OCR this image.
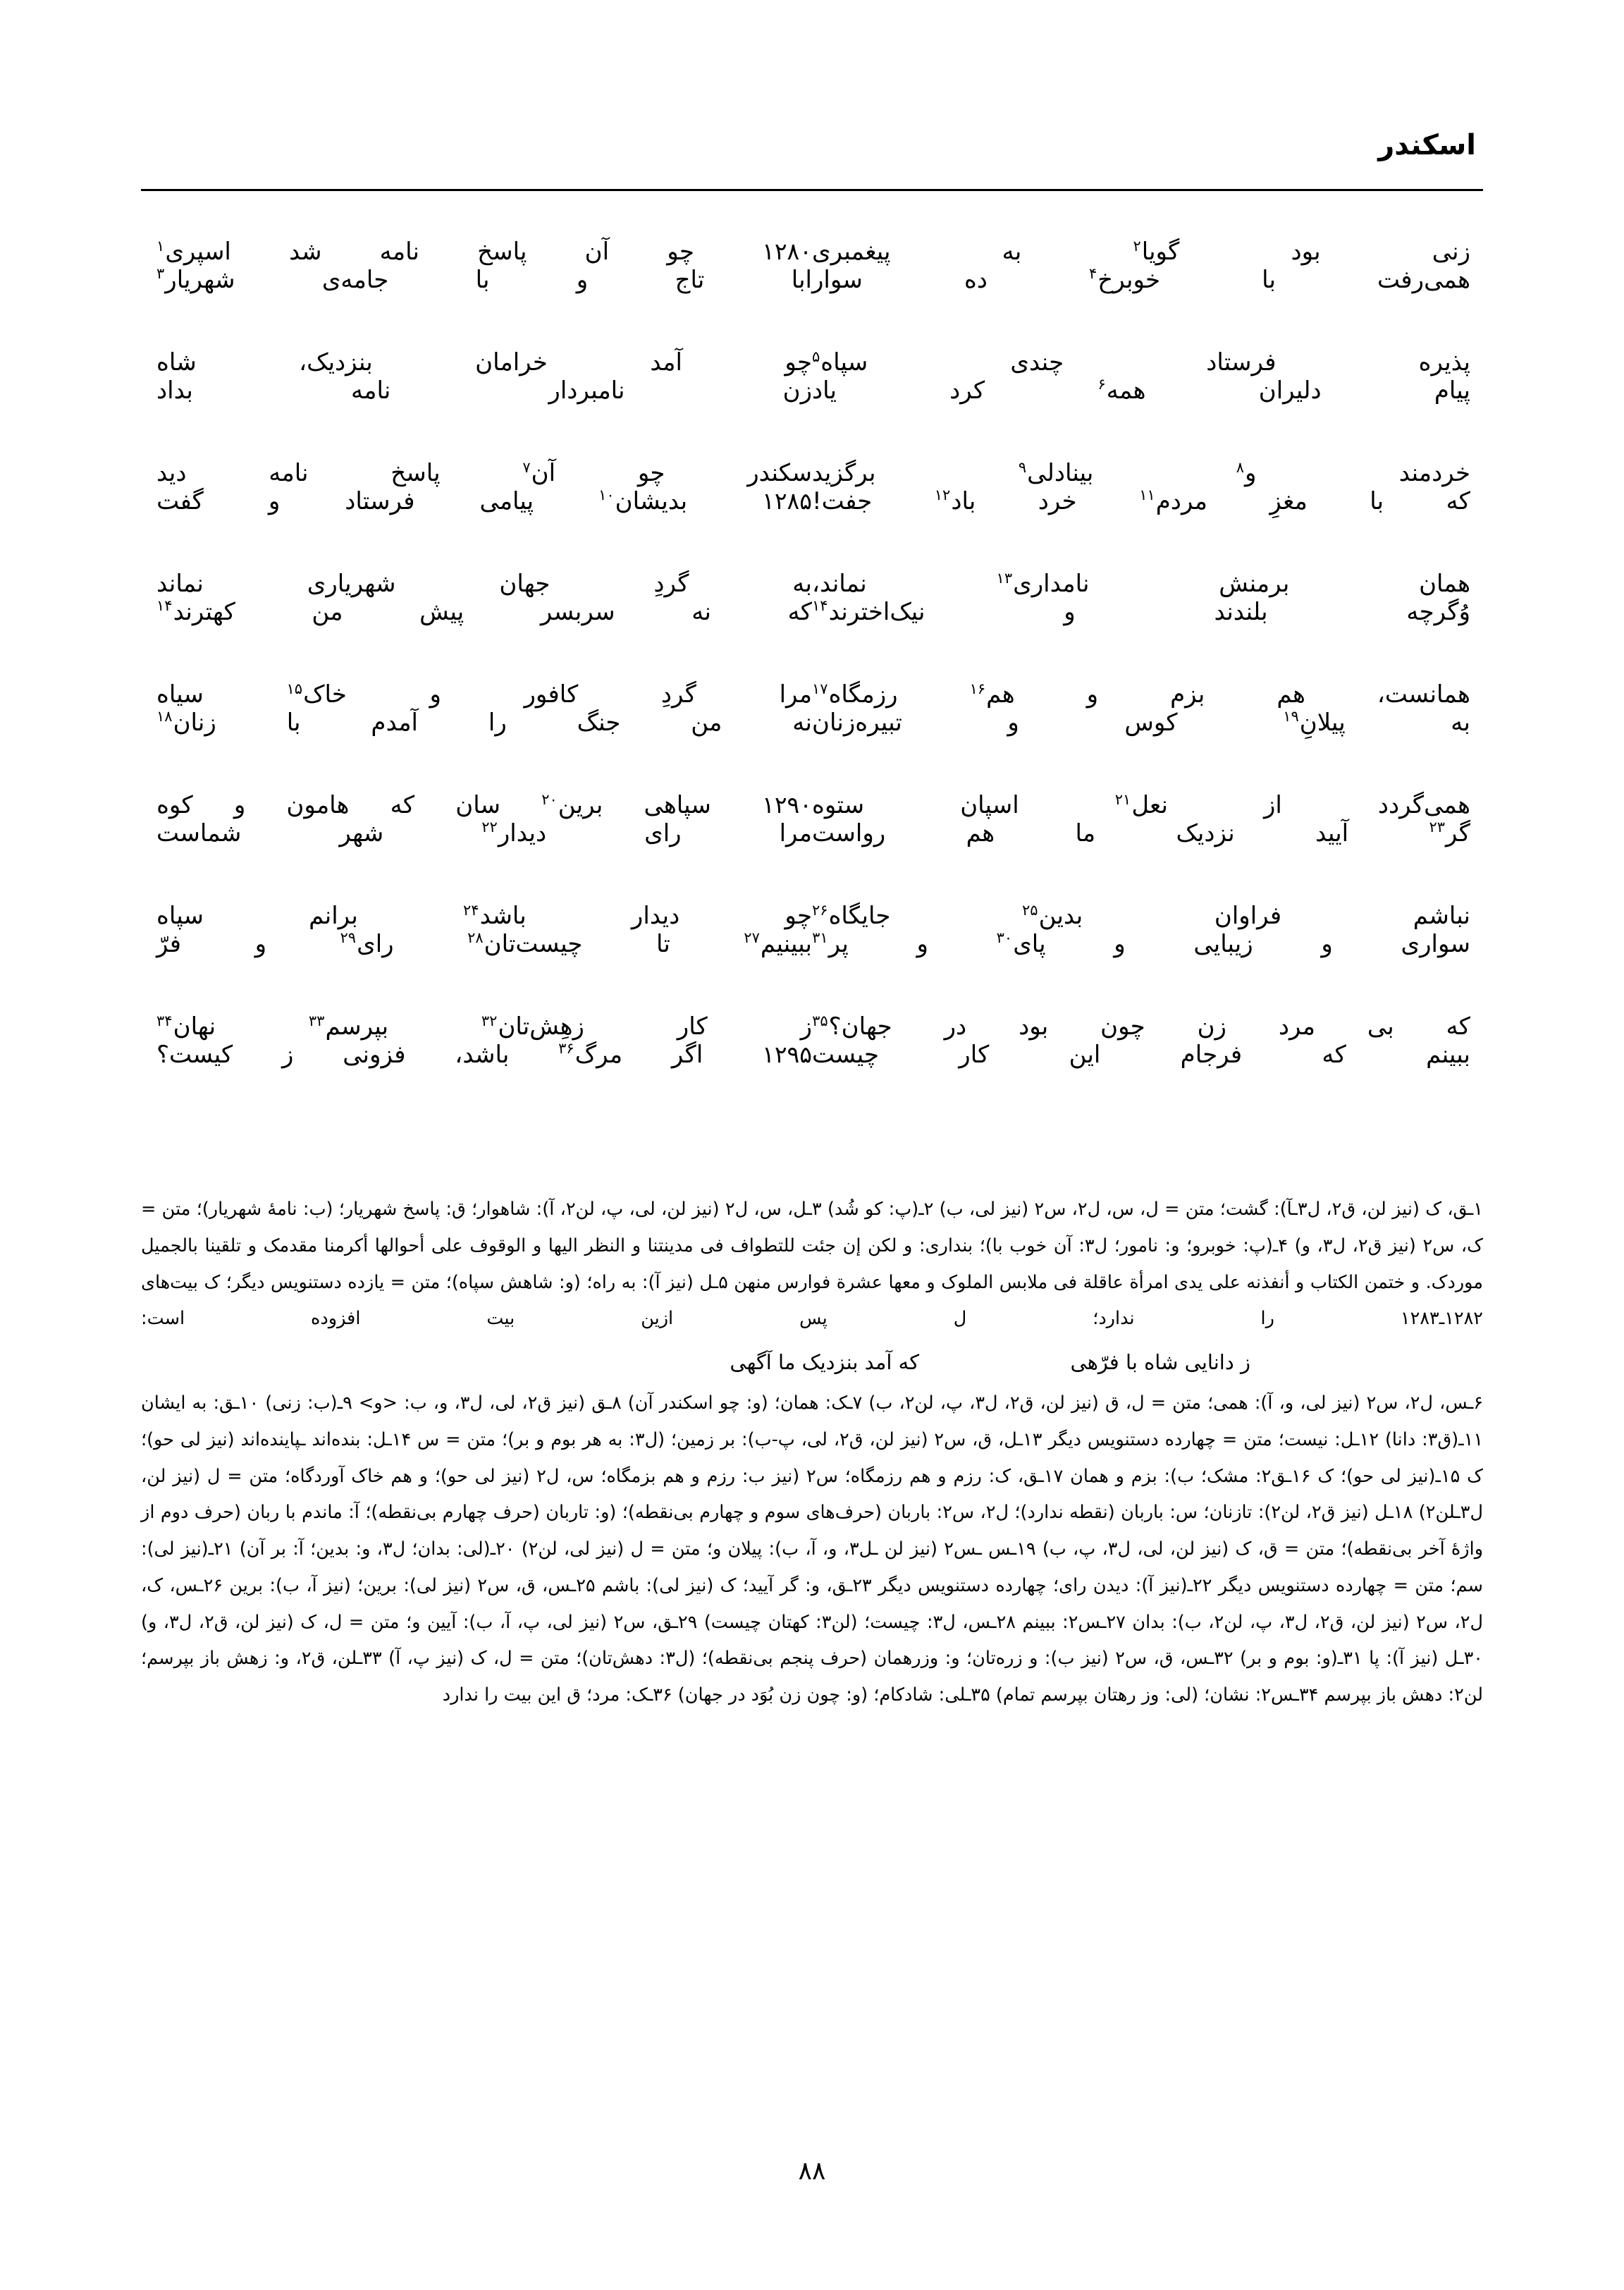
اسکندر
زنی
بود
گویا$^۲$
به
پیغمبری
همی‌رفت
با
خوبرخ$^۴$
ده
سوار
پذیره
فرستاد
چندی
سپاه$^۵$
پیام
دلیران
همه$^۶$
کرد
یاد
خردمند
و$^۸$
بینادلی$^۹$
برگزید
که
با
مغزِ
مردم$^{۱۱}$
خرد
باد$^{۱۲}$
جفت!
همان
برمنش
نامداری$^{۱۳}$
نماند،
وُگرچه
بلندند
و
نیک‌اخترند$^{۱۴}$
همانست،
هم
بزم
و
هم$^{۱۶}$
رزمگاه$^{۱۷}$
به
پیلانِ$^{۱۹}$
کوس
و
تبیره‌زنان
همی‌گردد
از
نعل$^{۲۱}$
اسپان
ستوه
گر$^{۲۳}$
آیید
نزدیک
ما
هم
رواست
نباشم
فراوان
بدین$^{۲۵}$
جایگاه$^{۲۶}$
سواری
و
زیبایی
و
پای$^{۳۰}$
و
پر$^{۳۱}$
که
بی
مرد
زن
چون
بود
در
جهان؟$^{۳۵}$
ببینم
که
فرجام
این
کار
چیست
۱۲۸۰
چو
آن
پاسخ
نامه
شد
اسپری$^۱$
ابا
تاج
و
با
جامه‌ی
شهریار$^۳$
چو
آمد
خرامان
بنزدیک،
شاه
زن
نامبردار
نامه
بداد
سکندر
چو
آن$^۷$
پاسخ
نامه
دید
۱۲۸۵
بدیشان$^{۱۰}$
پیامی
فرستاد
و
گفت
به
گردِ
جهان
شهریاری
نماند
که
نه
سربسر
پیش
من
کهترند$^{۱۴}$
مرا
گردِ
کافور
و
خاک$^{۱۵}$
سیاه
نه
من
جنگ
را
آمدم
با
زنان$^{۱۸}$
۱۲۹۰
سپاهی
برین$^{۲۰}$
سان
که
هامون
و
کوه
مرا
رای
دیدار$^{۲۲}$
شهر
شماست
چو
دیدار
باشد$^{۲۴}$
برانم
سپاه
ببینیم$^{۲۷}$
تا
چیست‌تان$^{۲۸}$
رای$^{۲۹}$
و
فرّ
ز
کار
زهِش‌تان$^{۳۲}$
بپرسم$^{۳۳}$
نهان$^{۳۴}$
۱۲۹۵
اگر
مرگ$^{۳۶}$
باشد،
فزونی
ز
کیست؟
۱ـق، ک (نیز لن، ق۲، ل۳ـآ): گشت؛ متن = ل، س، ل۲، س۲ (نیز لی، ب) ۲ـ(پ: کو شُد) ۳ـل، س، ل۲ (نیز لن، لی، پ، لن۲، آ): شاهوار؛ ق: پاسخ شهریار؛ (ب: نامهٔ شهریار)؛ متن = ک، س۲ (نیز ق۲، ل۳، و) ۴ـ(پ: خوبرو؛ و: نامور؛ ل۳: آن خوب با)؛ بنداری: و لکن إن جئت للتطواف فی مدینتنا و النظر الیها و الوقوف علی أحوالها أکرمنا مقدمک و تلقینا بالجمیل موردک. و ختمن الکتاب و أنفذنه علی یدی امرأة عاقلة فی ملابس الملوک و معها عشرة فوارس منهن ۵ـل (نیز آ): به راه؛ (و: شاهش سپاه)؛ متن = یازده دستنویس دیگر؛ ک بیت‌های ۱۲۸۲ـ۱۲۸۳ را ندارد؛ ل پس ازین بیت افزوده است:
ز دانایی شاه با فرّهی
که آمد بنزدیک ما آگهی
۶ـس، ل۲، س۲ (نیز لی، و، آ): همی؛ متن = ل، ق (نیز لن، ق۲، ل۳، پ، لن۲، ب) ۷ـک: همان؛ (و: چو اسکندر آن) ۸ـق (نیز ق۲، لی، ل۳، و، ب: <و> ۹ـ(ب: زنی) ۱۰ـق: به ایشان ۱۱ـ(ق۳: دانا) ۱۲ـل: نیست؛ متن = چهارده دستنویس دیگر ۱۳ـل، ق، س۲ (نیز لن، ق۲، لی، پ-ب): بر زمین؛ (ل۳: به هر بوم و بر)؛ متن = س ۱۴ـل: بنده‌اند ـپاینده‌اند (نیز لی حو)؛ ک ۱۵ـ(نیز لی حو)؛ ک ۱۶ـق۲: مشک؛ ب): بزم و همان ۱۷ـق، ک: رزم و هم رزمگاه؛ س۲ (نیز ب: رزم و هم بزمگاه؛ س، ل۲ (نیز لی حو)؛ و هم خاک آوردگاه؛ متن = ل (نیز لن، ل۳ـلن۲) ۱۸ـل (نیز ق۲، لن۲): تازنان؛ س: باربان (نقطه ندارد)؛ ل۲، س۲: باربان (حرف‌های سوم و چهارم بی‌نقطه)؛ (و: تاربان (حرف چهارم بی‌نقطه)؛ آ: ماندم با ربان (حرف دوم از واژهٔ آخر بی‌نقطه)؛ متن = ق، ک (نیز لن، لی، ل۳، پ، ب) ۱۹ـس ـس۲ (نیز لن ـل۳، و، آ، ب): پیلان و؛ متن = ل (نیز لی، لن۲) ۲۰ـ(لی: بدان؛ ل۳، و: بدین؛ آ: بر آن) ۲۱ـ(نیز لی): سم؛ متن = چهارده دستنویس دیگر ۲۲ـ(نیز آ): دیدن رای؛ چهارده دستنویس دیگر ۲۳ـق، و: گر آیید؛ ک (نیز لی): باشم ۲۵ـس، ق، س۲ (نیز لی): برین؛ (نیز آ، ب): برین ۲۶ـس، ک، ل۲، س۲ (نیز لن، ق۲، ل۳، پ، لن۲، ب): بدان ۲۷ـس۲: ببینم ۲۸ـس، ل۳: چیست؛ (لن۳: کهتان چیست) ۲۹ـق، س۲ (نیز لی، پ، آ، ب): آیین و؛ متن = ل، ک (نیز لن، ق۲، ل۳، و) ۳۰ـل (نیز آ): پا ۳۱ـ(و: بوم و بر) ۳۲ـس، ق، س۲ (نیز ب): و زره‌تان؛ و: وزرهمان (حرف پنجم بی‌نقطه)؛ (ل۳: دهش‌تان)؛ متن = ل، ک (نیز پ، آ) ۳۳ـلن، ق۲، و: زهش باز بپرسم؛ لن۲: دهش باز بپرسم ۳۴ـس۲: نشان؛ (لی: وز رهتان بپرسم تمام) ۳۵ـلی: شادکام؛ (و: چون زن بُوَد در جهان) ۳۶ـک: مرد؛ ق این بیت را ندارد
۸۸
